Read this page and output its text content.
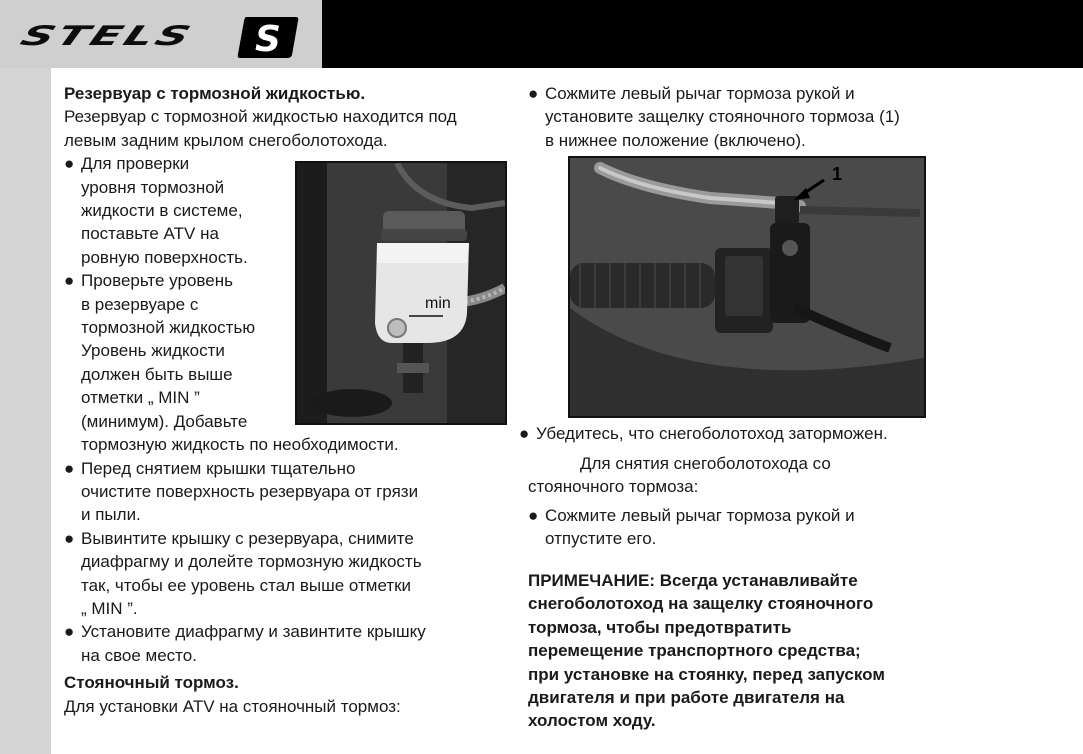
STELS S

Резервуар с тормозной жидкостью.

Резервуар с тормозной жидкостью находится под

левым задним крылом снегоболотохода.

● Для проверки
уровня тормозной
жидкости в системе,
поставьте ATV на
ровную поверхность.
● Проверьте уровень
в резервуаре с
тормозной жидкостью
Уровень жидкости
должен быть выше
отметки „ MIN ”
(минимум). Добавьте
тормозную жидкость по необходимости.
● Перед снятием крышки тщательно
очистите поверхность резервуара от грязи
и пыли.
● Вывинтите крышку с резервуара, снимите
диафрагму и долейте тормозную жидкость
так, чтобы ее уровень стал выше отметки
„ MIN ”.
● Установите диафрагму и завинтите крышку
на свое место.

Стояночный тормоз.

Для установки ATV на стояночный тормоз:

min
● Сожмите левый рычаг тормоза рукой и
установите защелку стояночного тормоза (1)
в нижнее положение (включено).
1
● Убедитесь, что снегоболотоход заторможен.

Для снятия снегоболотохода со

стояночного тормоза:

● Сожмите левый рычаг тормоза рукой и
отпустите его.
ПРИМЕЧАНИЕ: Всегда устанавливайте
снегоболотоход на защелку стояночного
тормоза, чтобы предотвратить
перемещение транспортного средства;
при установке на стоянку, перед запуском
двигателя и при работе двигателя на
холостом ходу.
